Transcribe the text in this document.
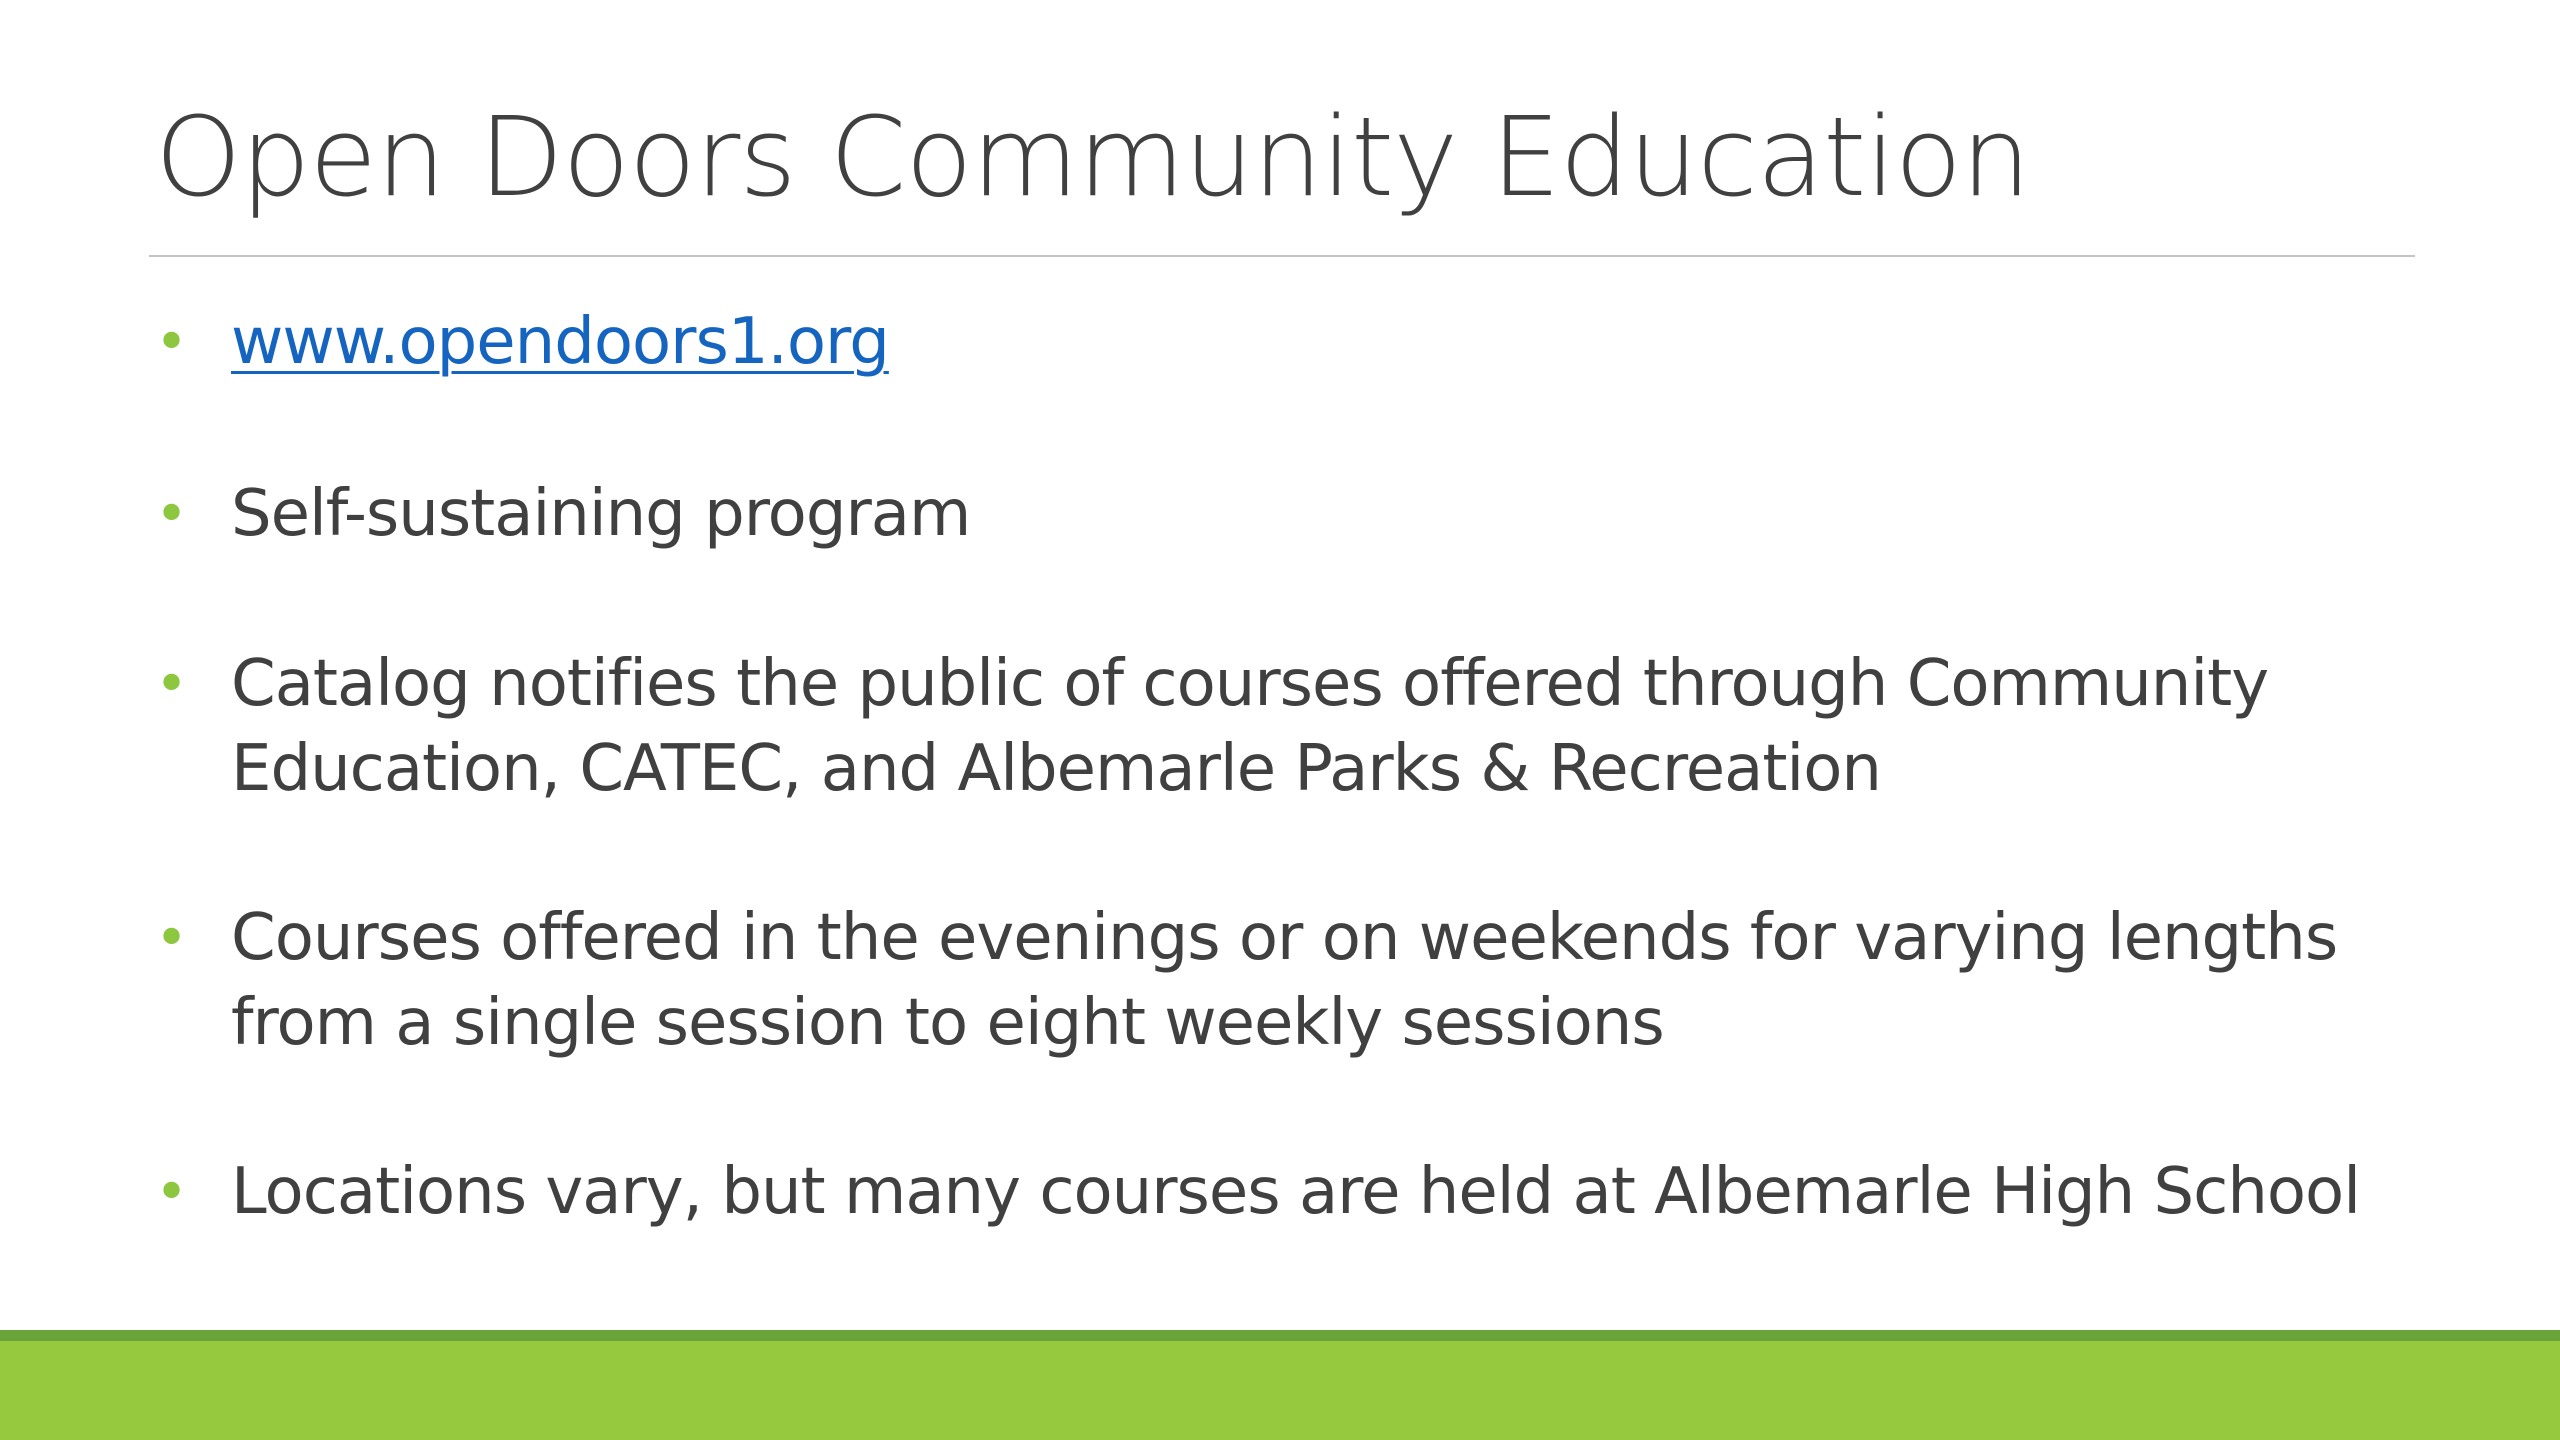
Open Doors Community Education
• www.opendoors1.org
• Self-sustaining program
• Catalog notifies the public of courses offered through Community Education, CATEC, and Albemarle Parks & Recreation
• Courses offered in the evenings or on weekends for varying lengths from a single session to eight weekly sessions
• Locations vary, but many courses are held at Albemarle High School
